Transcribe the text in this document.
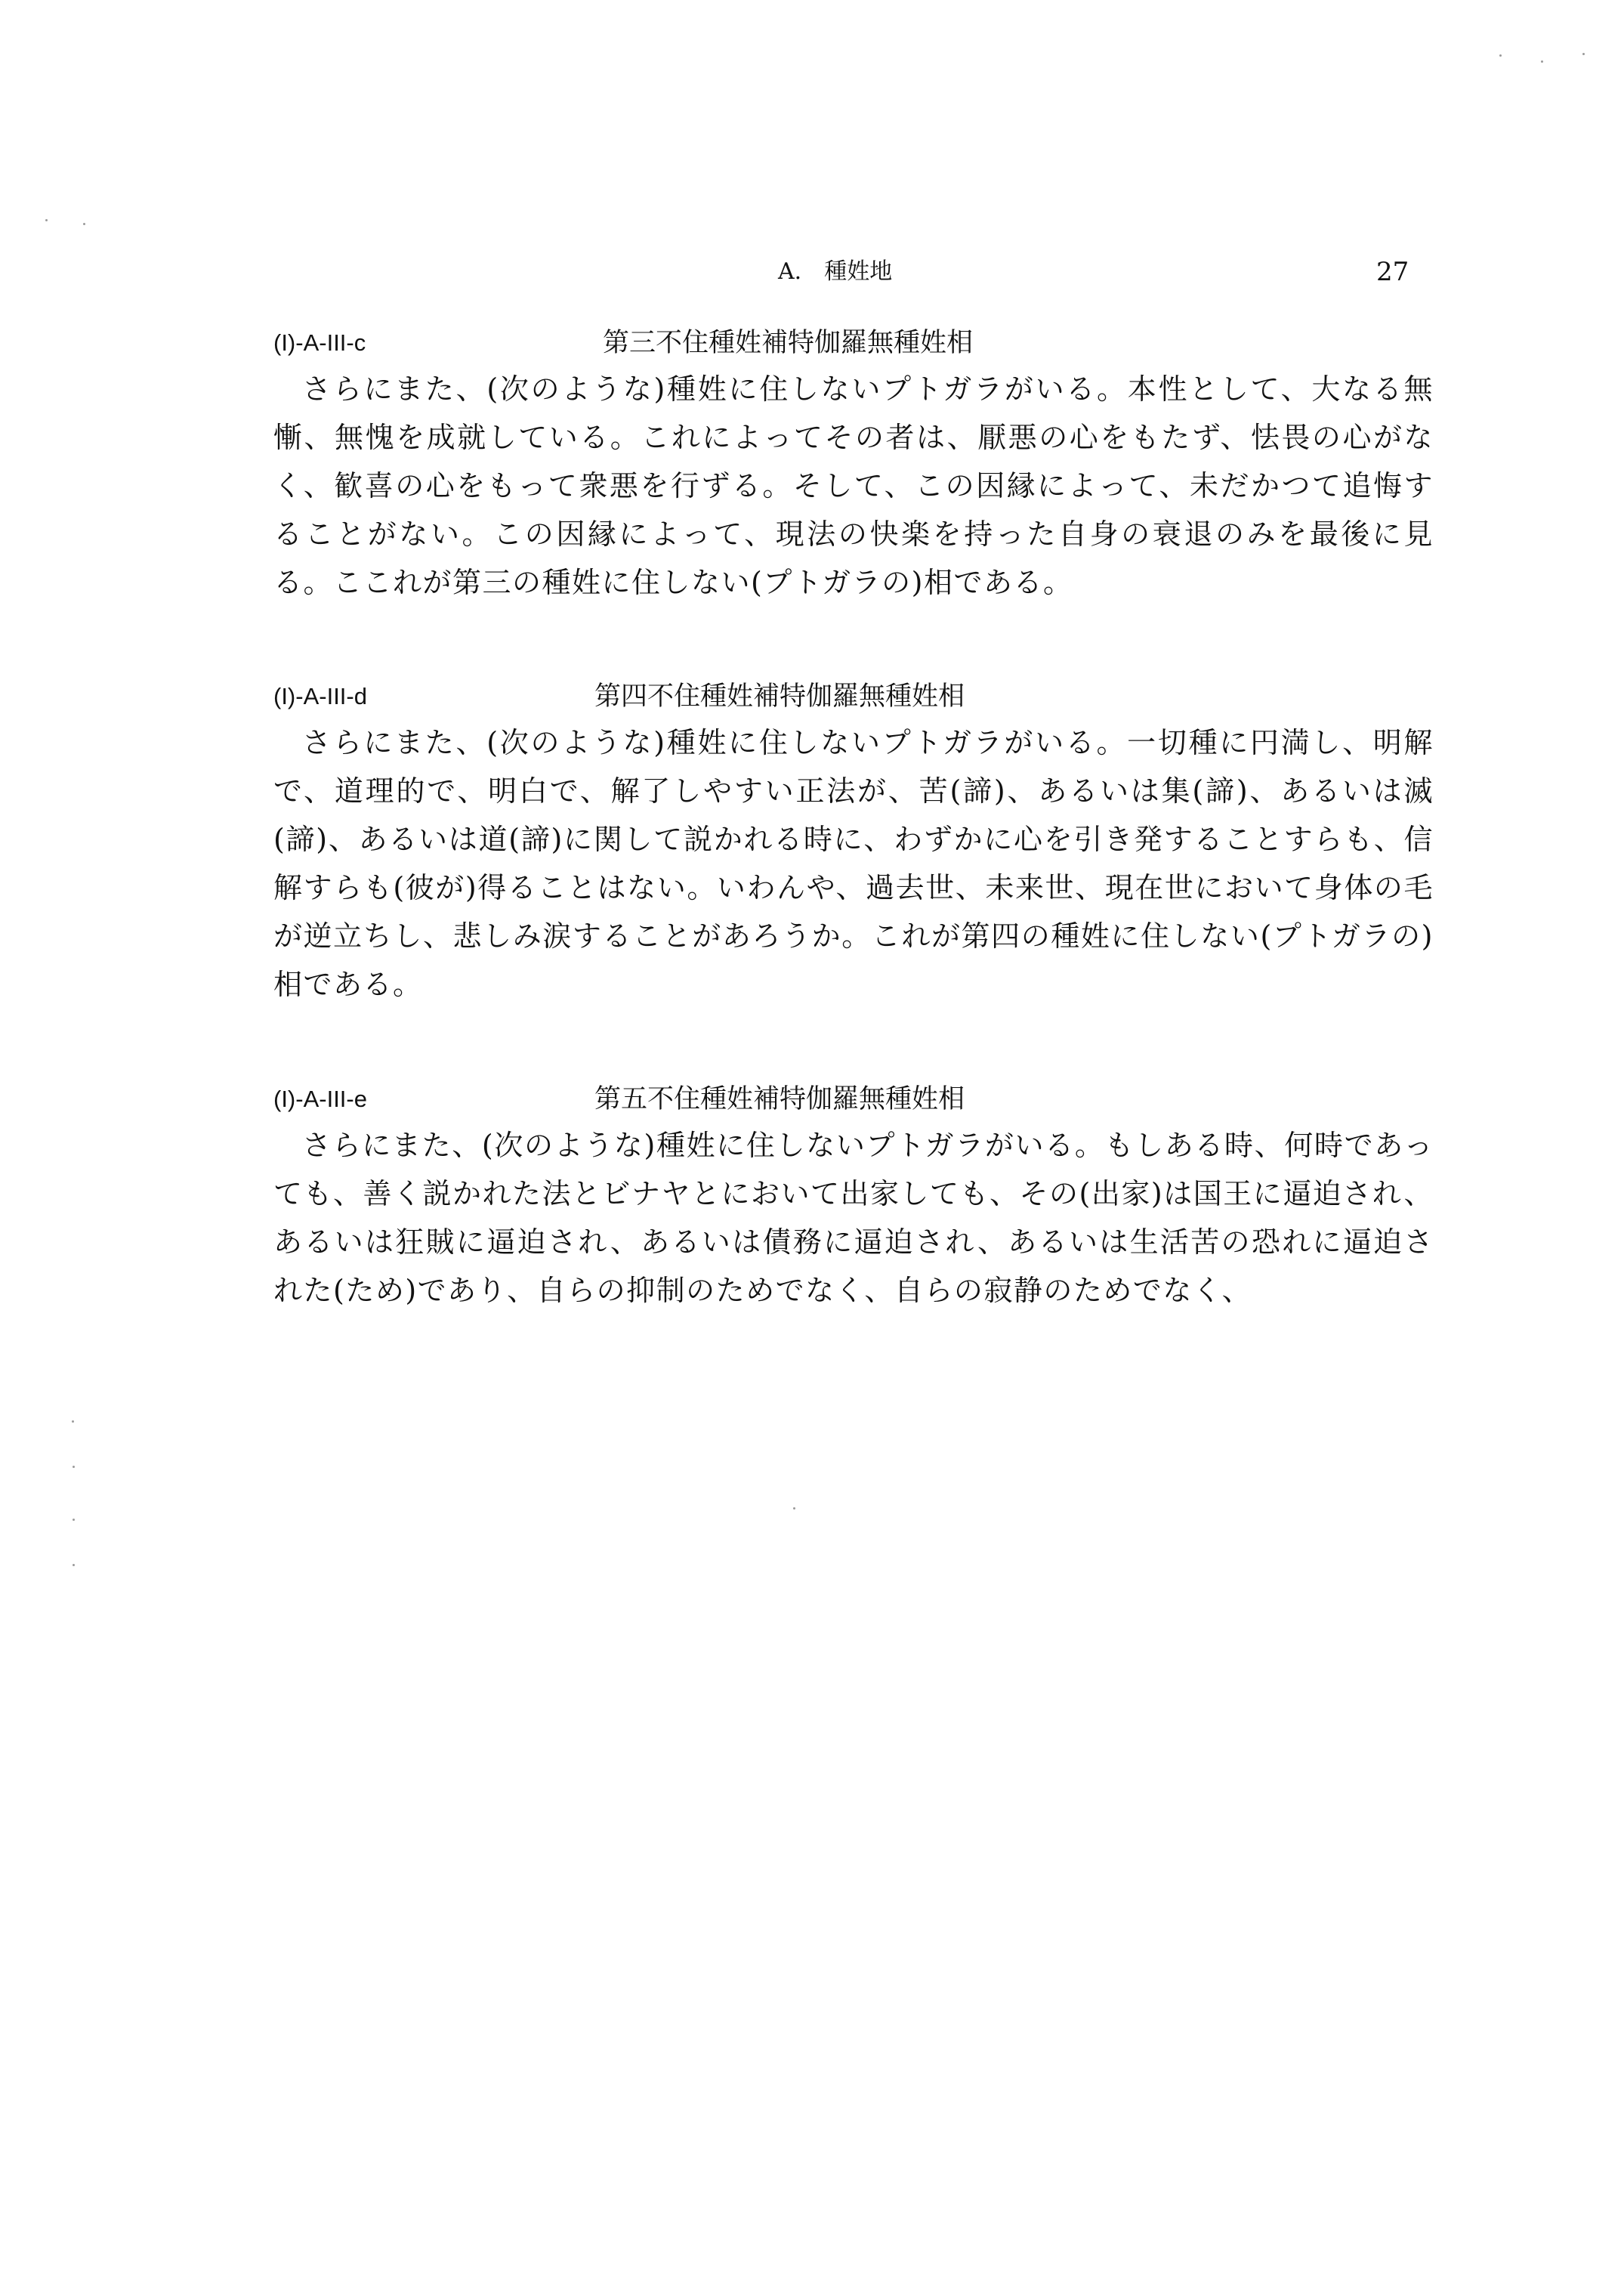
A.　種姓地	27
(I)-A-III-c	第三不住種姓補特伽羅無種姓相

さらにまた、(次のような)種姓に住しないプトガラがいる。本性として、大なる無慚、無愧を成就している。これによってその者は、厭悪の心をもたず、怯畏の心がなく、歓喜の心をもって衆悪を行ずる。そして、この因縁によって、未だかつて追悔することがない。この因縁によって、現法の快楽を持った自身の衰退のみを最後に見る。ここれが第三の種姓に住しない(プトガラの)相である。

(I)-A-III-d	第四不住種姓補特伽羅無種姓相

さらにまた、(次のような)種姓に住しないプトガラがいる。一切種に円満し、明解で、道理的で、明白で、解了しやすい正法が、苦(諦)、あるいは集(諦)、あるいは滅(諦)、あるいは道(諦)に関して説かれる時に、わずかに心を引き発することすらも、信解すらも(彼が)得ることはない。いわんや、過去世、未来世、現在世において身体の毛が逆立ちし、悲しみ涙することがあろうか。これが第四の種姓に住しない(プトガラの)相である。

(I)-A-III-e	第五不住種姓補特伽羅無種姓相

さらにまた、(次のような)種姓に住しないプトガラがいる。もしある時、何時であっても、善く説かれた法とビナヤとにおいて出家しても、その(出家)は国王に逼迫され、あるいは狂賊に逼迫され、あるいは債務に逼迫され、あるいは生活苦の恐れに逼迫された(ため)であり、自らの抑制のためでなく、自らの寂静のためでなく、
